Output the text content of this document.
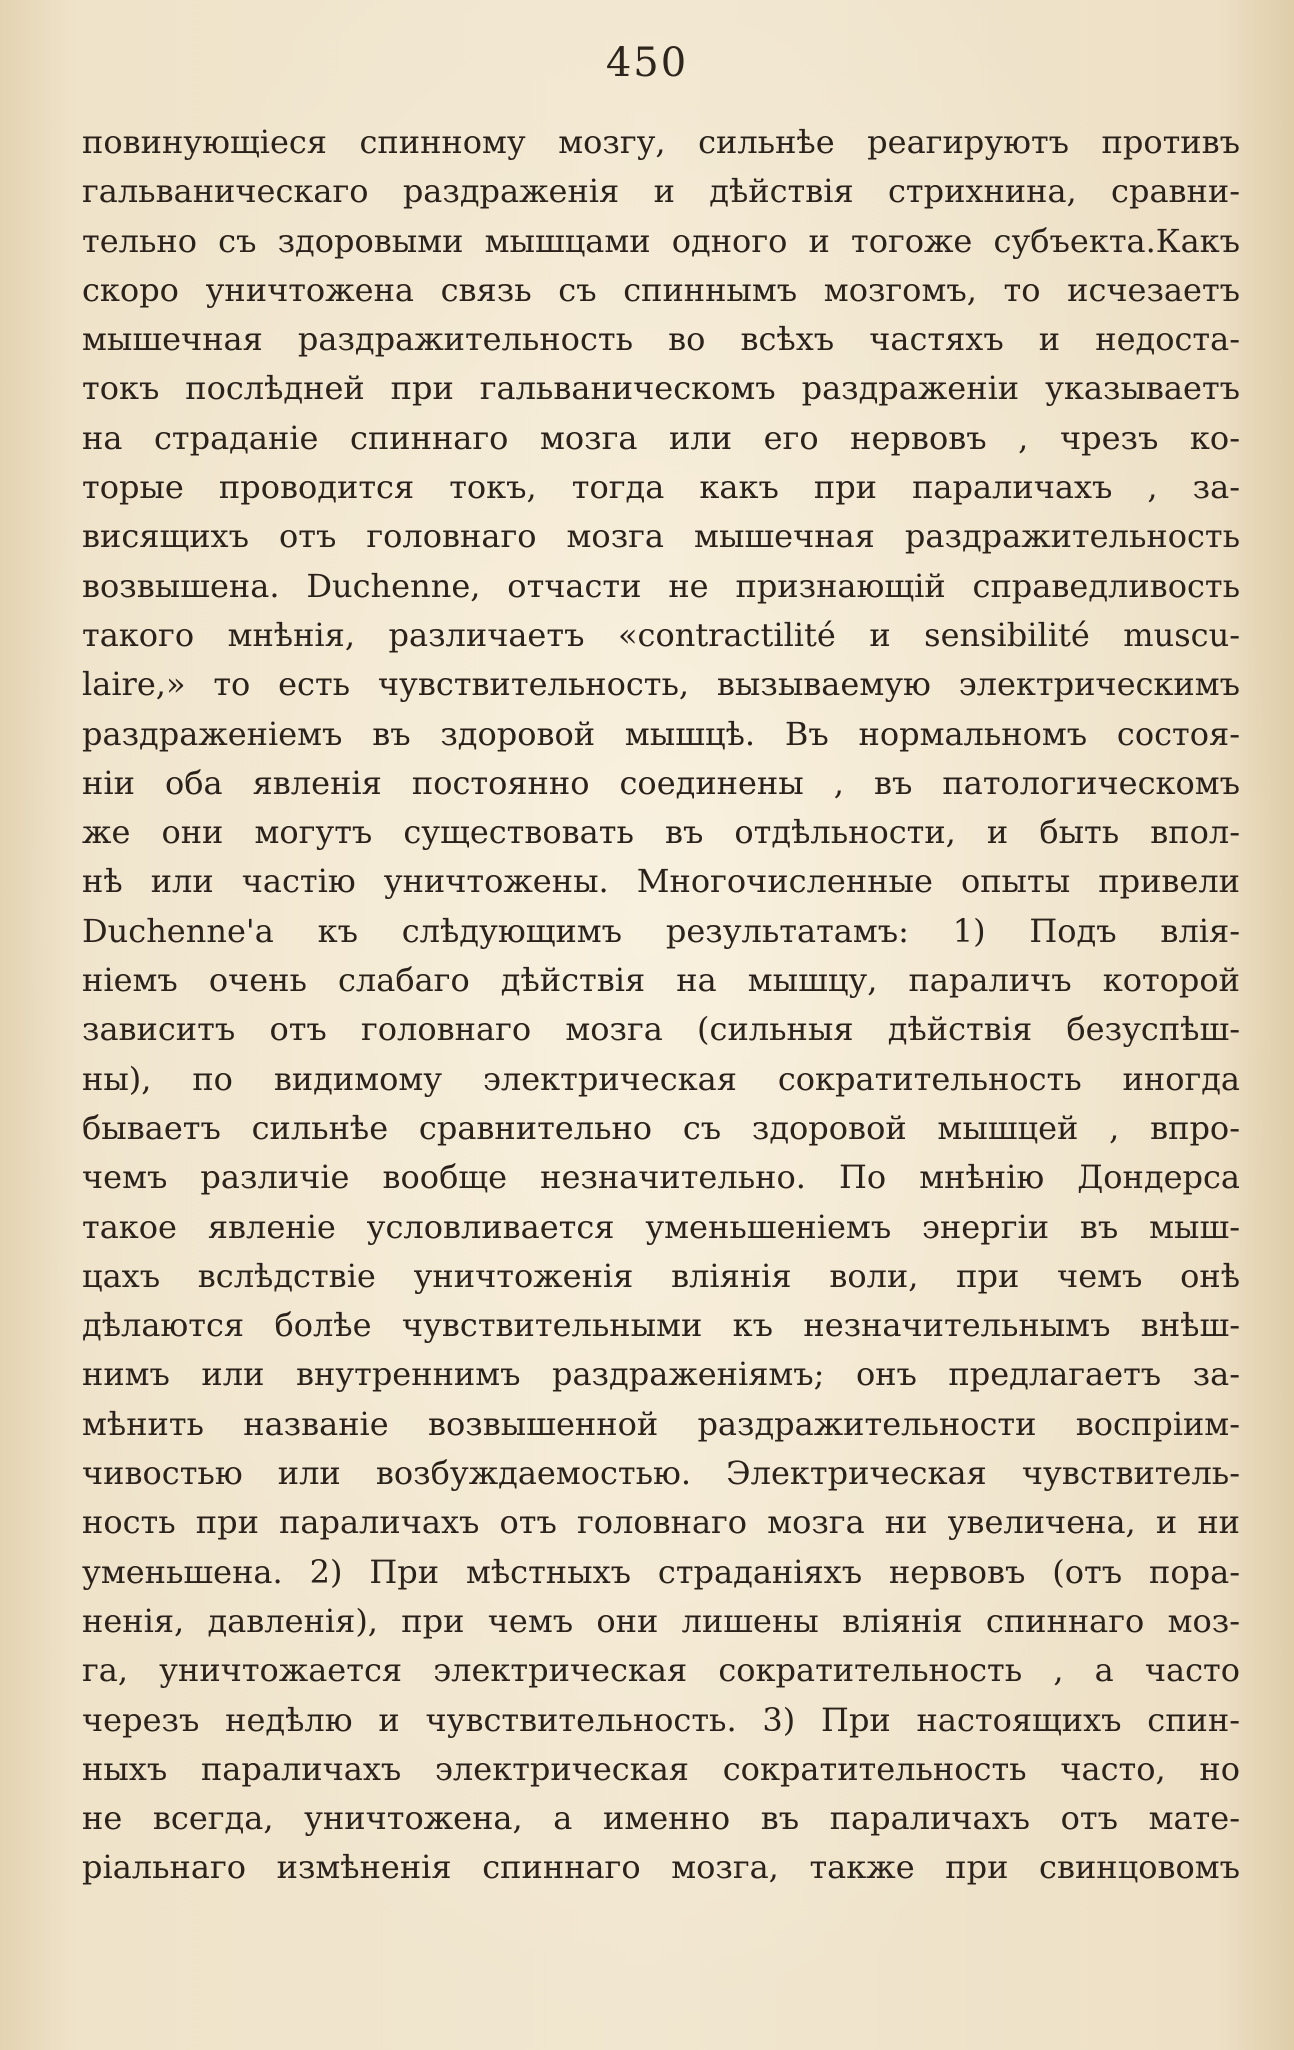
450
повинующіеся спинному мозгу, сильнѣе реагируютъ противъ
гальваническаго раздраженія и дѣйствія стрихнина, сравни-
тельно съ здоровыми мышцами одного и тогоже субъекта.Какъ
скоро уничтожена связь съ спиннымъ мозгомъ, то исчезаетъ
мышечная раздражительность во всѣхъ частяхъ и недоста-
токъ послѣдней при гальваническомъ раздраженіи указываетъ
на страданіе спиннаго мозга или его нервовъ , чрезъ ко-
торые проводится токъ, тогда какъ при параличахъ , за-
висящихъ отъ головнаго мозга мышечная раздражительность
возвышена. Duchenne, отчасти не признающій справедливость
такого мнѣнія, различаетъ «contractilité и sensibilité muscu-
laire,» то есть чувствительность, вызываемую электрическимъ
раздраженіемъ въ здоровой мышцѣ. Въ нормальномъ состоя-
ніи оба явленія постоянно соединены , въ патологическомъ
же они могутъ существовать въ отдѣльности, и быть впол-
нѣ или частію уничтожены. Многочисленные опыты привели
Duchenne'а къ слѣдующимъ результатамъ: 1) Подъ влія-
ніемъ очень слабаго дѣйствія на мышцу, параличъ которой
зависитъ отъ головнаго мозга (сильныя дѣйствія безуспѣш-
ны), по видимому электрическая сократительность иногда
бываетъ сильнѣе сравнительно съ здоровой мышцей , впро-
чемъ различіе вообще незначительно. По мнѣнію Дондерса
такое явленіе условливается уменьшеніемъ энергіи въ мыш-
цахъ вслѣдствіе уничтоженія вліянія воли, при чемъ онѣ
дѣлаются болѣе чувствительными къ незначительнымъ внѣш-
нимъ или внутреннимъ раздраженіямъ; онъ предлагаетъ за-
мѣнить названіе возвышенной раздражительности воспріим-
чивостью или возбуждаемостью. Электрическая чувствитель-
ность при параличахъ отъ головнаго мозга ни увеличена, и ни
уменьшена. 2) При мѣстныхъ страданіяхъ нервовъ (отъ пора-
ненія, давленія), при чемъ они лишены вліянія спиннаго моз-
га, уничтожается электрическая сократительность , а часто
черезъ недѣлю и чувствительность. 3) При настоящихъ спин-
ныхъ параличахъ электрическая сократительность часто, но
не всегда, уничтожена, а именно въ параличахъ отъ мате-
ріальнаго измѣненія спиннаго мозга, также при свинцовомъ
